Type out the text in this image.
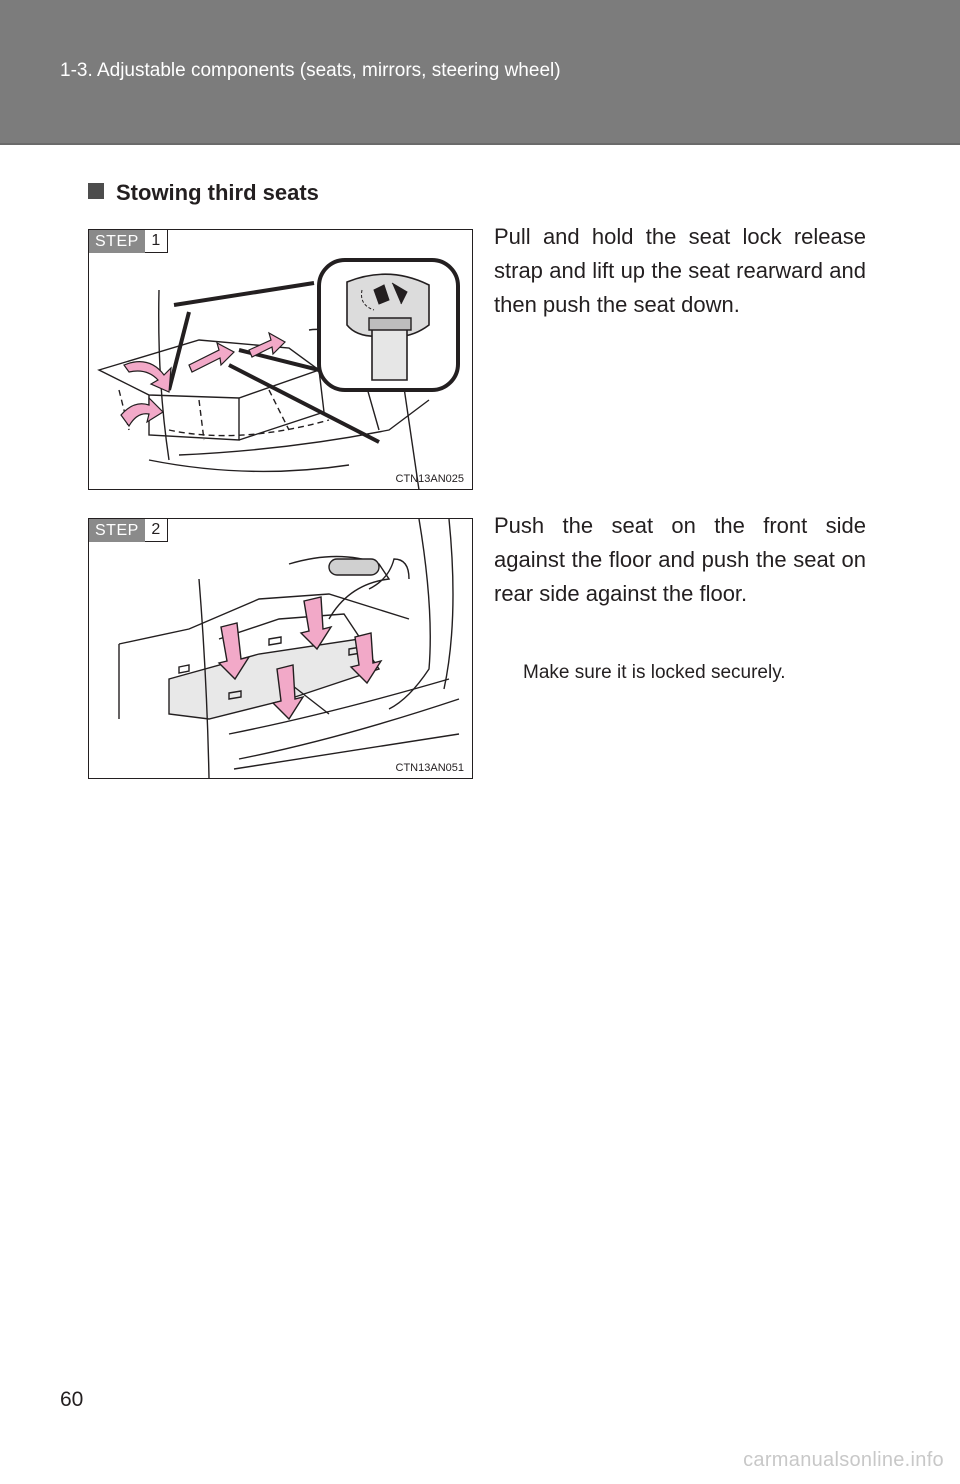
1-3. Adjustable components (seats, mirrors, steering wheel)
Stowing third seats
STEP 1
CTN13AN025
Pull and hold the seat lock release strap and lift up the seat rearward and then push the seat down.
STEP 2
CTN13AN051
Push the seat on the front side against the floor and push the seat on rear side against the floor.
Make sure it is locked securely.
60
carmanualsonline.info
